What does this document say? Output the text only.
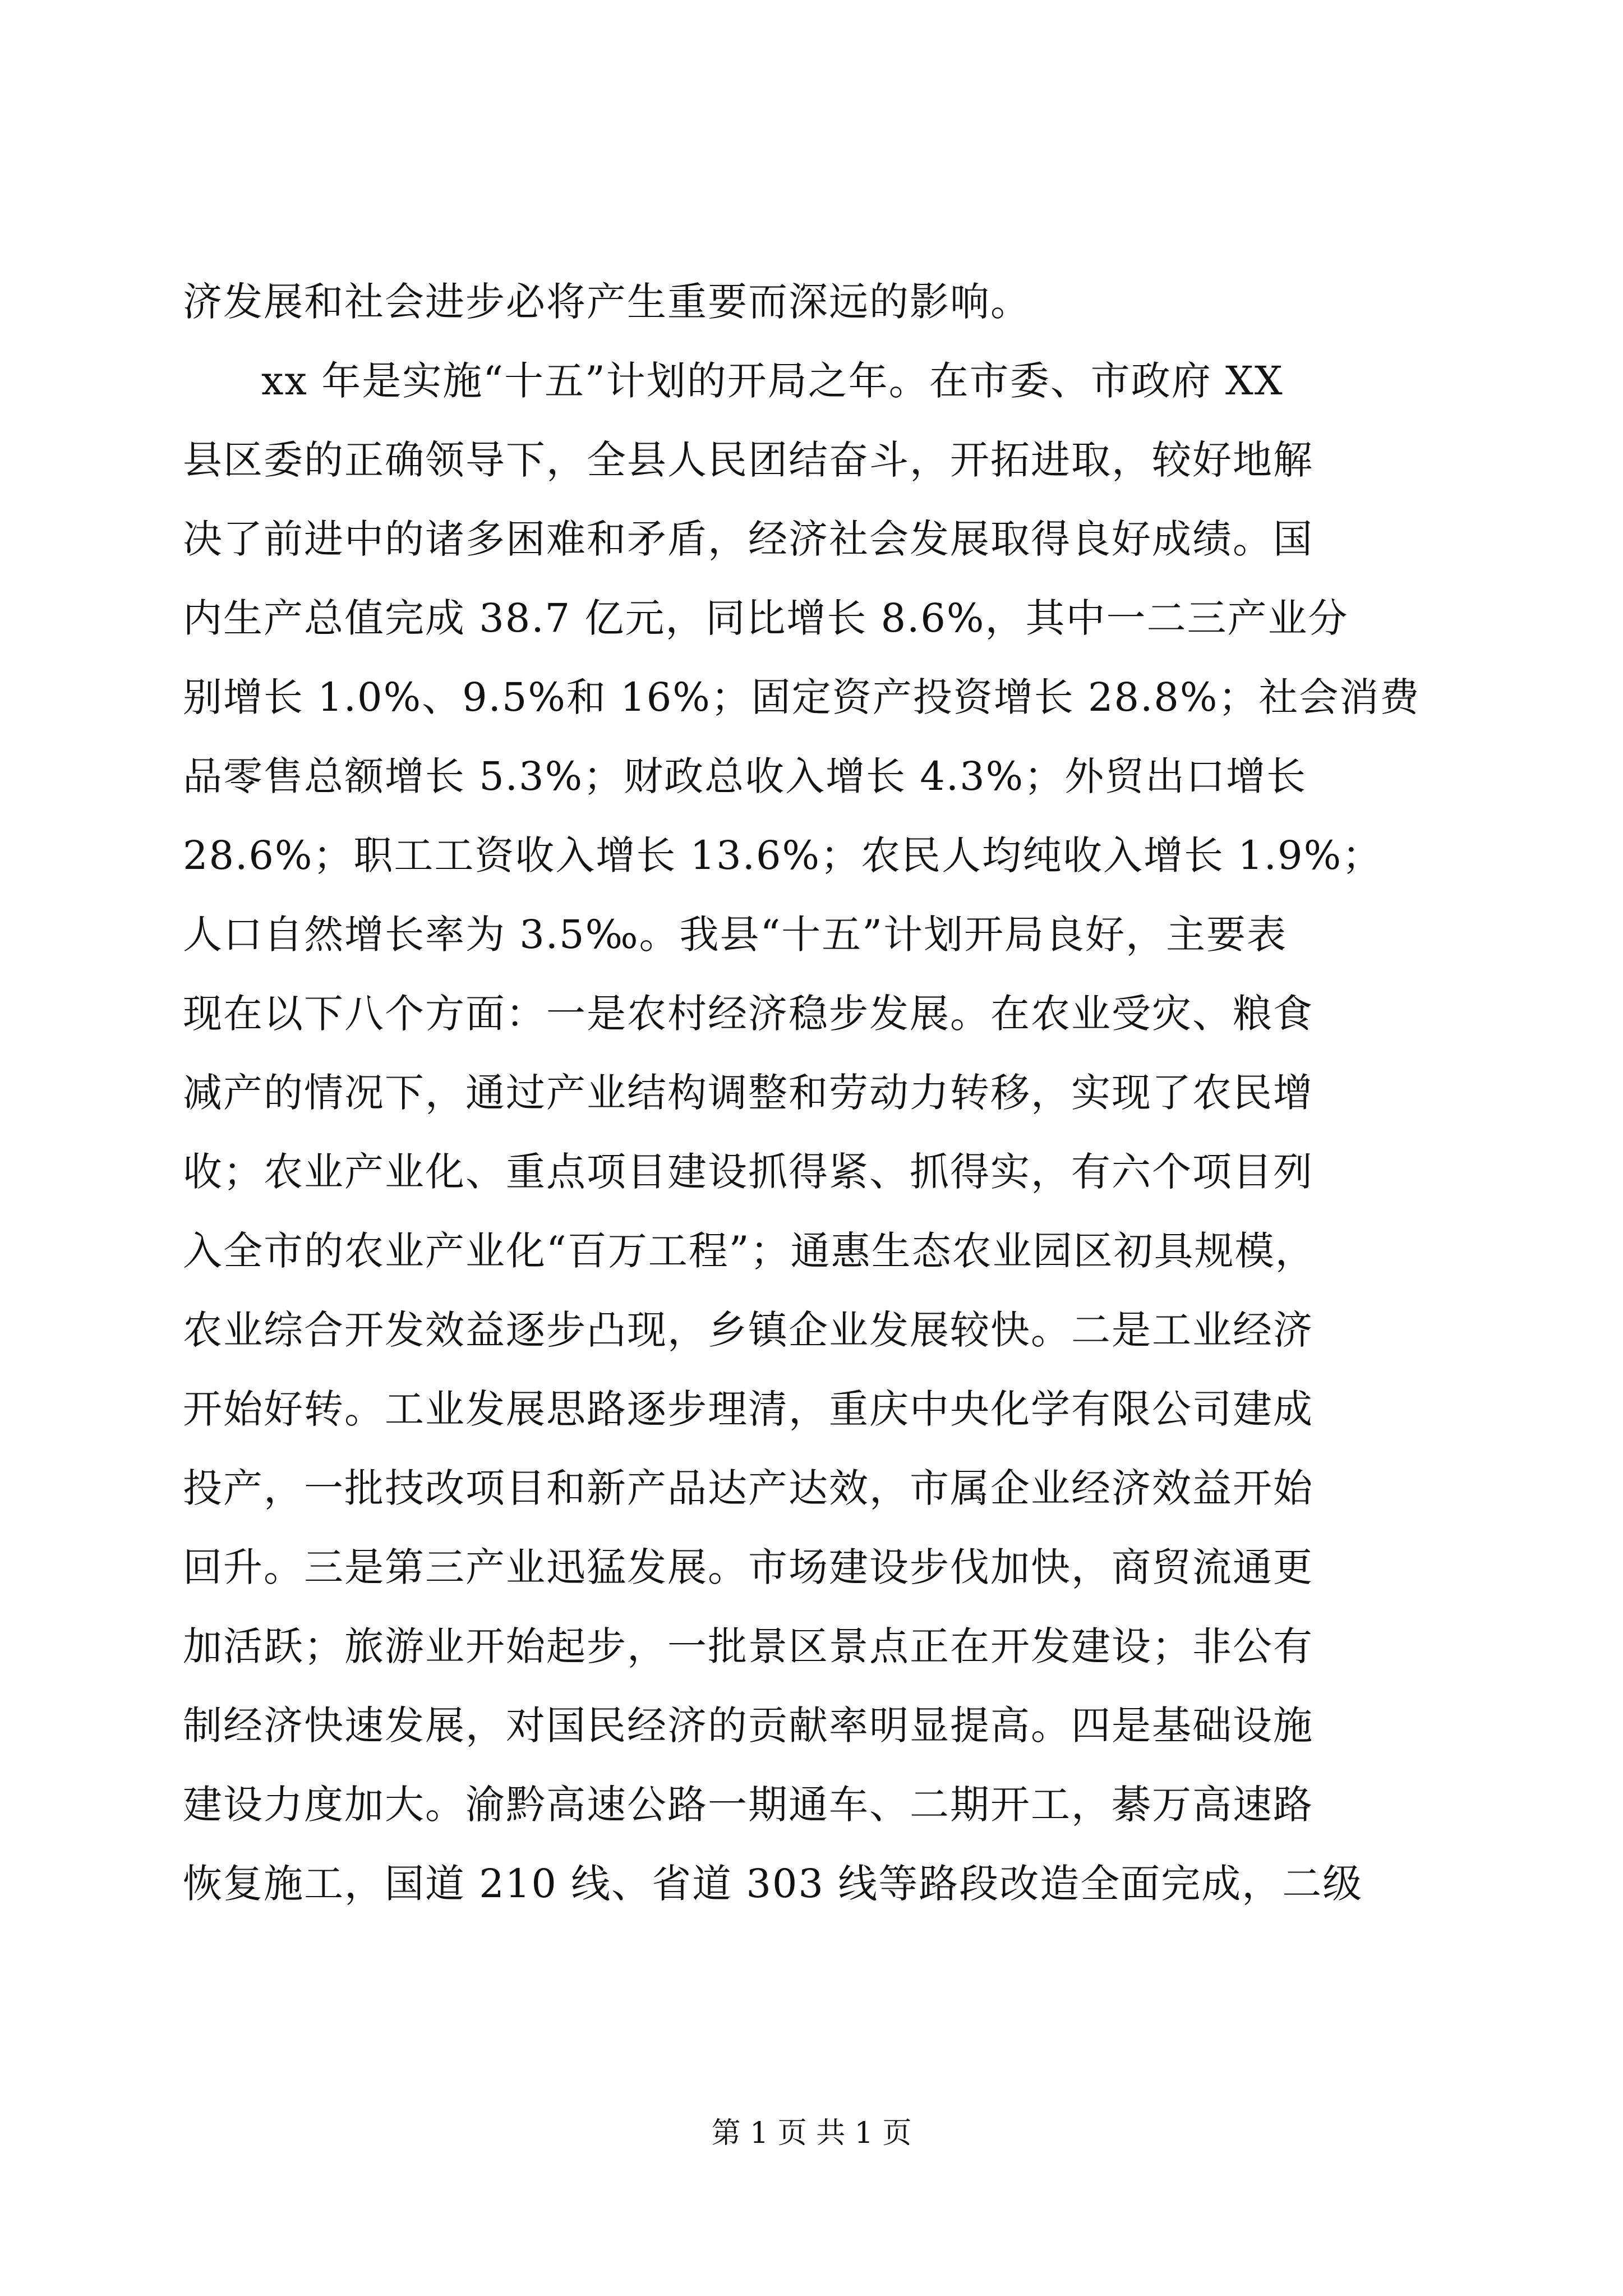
济发展和社会进步必将产生重要而深远的影响。
xx 年是实施“十五”计划的开局之年。在市委、市政府 XX
县区委的正确领导下，全县人民团结奋斗，开拓进取，较好地解
决了前进中的诸多困难和矛盾，经济社会发展取得良好成绩。国
内生产总值完成 38.7 亿元，同比增长 8.6%，其中一二三产业分
别增长 1.0%、9.5%和 16%；固定资产投资增长 28.8%；社会消费
品零售总额增长 5.3%；财政总收入增长 4.3%；外贸出口增长
28.6%；职工工资收入增长 13.6%；农民人均纯收入增长 1.9%；
人口自然增长率为 3.5‰。我县“十五”计划开局良好，主要表
现在以下八个方面：一是农村经济稳步发展。在农业受灾、粮食
减产的情况下，通过产业结构调整和劳动力转移，实现了农民增
收；农业产业化、重点项目建设抓得紧、抓得实，有六个项目列
入全市的农业产业化“百万工程”；通惠生态农业园区初具规模，
农业综合开发效益逐步凸现，乡镇企业发展较快。二是工业经济
开始好转。工业发展思路逐步理清，重庆中央化学有限公司建成
投产，一批技改项目和新产品达产达效，市属企业经济效益开始
回升。三是第三产业迅猛发展。市场建设步伐加快，商贸流通更
加活跃；旅游业开始起步，一批景区景点正在开发建设；非公有
制经济快速发展，对国民经济的贡献率明显提高。四是基础设施
建设力度加大。渝黔高速公路一期通车、二期开工，綦万高速路
恢复施工，国道 210 线、省道 303 线等路段改造全面完成，二级
第 1 页 共 1 页
